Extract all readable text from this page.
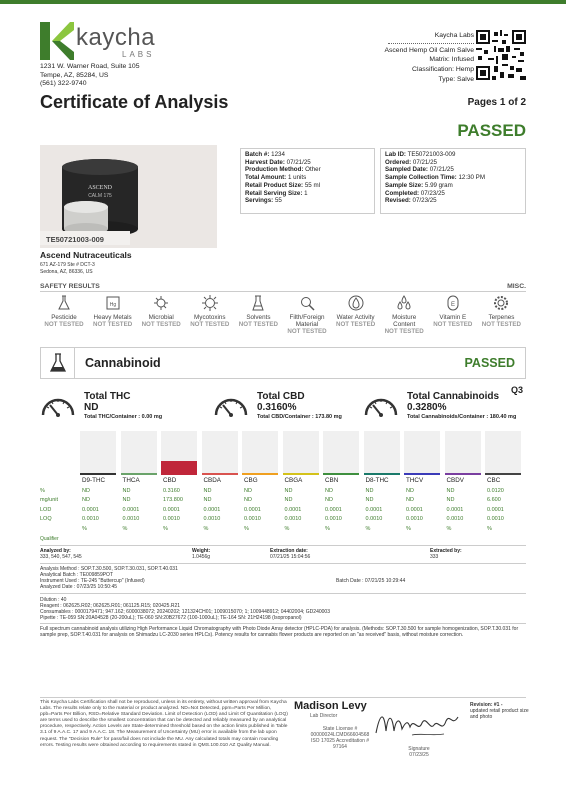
kaycha
LABS
1231 W. Warner Road, Suite 105
Tempe, AZ, 85284, US
(561) 322-9740
Kaycha Labs
Ascend Hemp Oil Calm Salve
Matrix: Infused
Classification: Hemp
Type: Salve
Certificate of Analysis	Pages 1 of 2
PASSED
ASCEND
CALM 175
TE50721003-009
Ascend Nutraceuticals
671 AZ-179 Ste # DCT-3
Sedona, AZ, 86336, US
Batch #: 1234
Harvest Date: 07/21/25
Production Method: Other
Total Amount: 1 units
Retail Product Size: 55 ml
Retail Serving Size: 1
Servings: 55
Lab ID: TE50721003-009
Ordered: 07/21/25
Sampled Date: 07/21/25
Sample Collection Time: 12:30 PM
Sample Size: 5.99 gram
Completed: 07/23/25
Revised: 07/23/25
SAFETY RESULTS	MISC.
Pesticide
NOT TESTED
Hg
Heavy Metals
NOT TESTED
Microbial
NOT TESTED
Mycotoxins
NOT TESTED
Solvents
NOT TESTED
Filth/Foreign
Material
NOT TESTED
Water Activity
NOT TESTED
Moisture
Content
NOT TESTED
E
Vitamin E
NOT TESTED
Terpenes
NOT TESTED
Cannabinoid	PASSED
Total THC
ND
Total THC/Container : 0.00 mg
Total CBD
0.3160%
Total CBD/Container : 173.80 mg
Total Cannabinoids
0.3280%
Total Cannabinoids/Container : 180.40 mg
Q3
D9-THC	THCA	CBD	CBDA	CBG	CBGA	CBN	D8-THC	THCV	CBDV	CBC
%	ND	ND	0.3160	ND	ND	ND	ND	ND	ND	ND	0.0120
mg/unit	ND	ND	173.800	ND	ND	ND	ND	ND	ND	ND	6.600
LOD	0.0001	0.0001	0.0001	0.0001	0.0001	0.0001	0.0001	0.0001	0.0001	0.0001	0.0001
LOQ	0.0010	0.0010	0.0010	0.0010	0.0010	0.0010	0.0010	0.0010	0.0010	0.0010	0.0010
%	%	%	%	%	%	%	%	%	%	%
Qualifier
Analyzed by:
333, 540, 547, 545
Weight:
1.0456g
Extraction date:
07/21/25 15:04:56
Extracted by:
333
Analysis Method : SOP.T.30.500, SOP.T.30.031, SOP.T.40.031
Analytical Batch : TE009859POT
Instrument Used : TE-245 "Buttercup" (Infused)	Batch Date : 07/21/25 10:29:44
Analyzed Date : 07/23/25 10:50:45
Dilution : 40
Reagent : 062625.R02; 062625.R01; 061125.R15; 020425.R21
Consumables : 0000179471; 947.162; 6000038072; 20240202; 121324CH01; 1009015070; 1; 1009448912; 04402004; GD240003
Pipette : TE-059 SN:20A04528 (20-200uL); TE-060 SN:20B27672 (100-1000uL); TE-164 SN: 21H24198 (Isopropanol)
Full spectrum cannabinoid analysis utilizing High Performance Liquid Chromatography with Photo Diode Array detector (HPLC-PDA) for analysis. (Methods: SOP.T.30.500 for sample homogenization, SOP.T.30.031 for sample prep, SOP.T.40.031 for analysis on Shimadzu LC-2030 series HPLCs). Potency results for cannabis flower products are reported on an "as received" basis, without moisture correction.
This Kaycha Labs Certification shall not be reproduced, unless in its entirety, without written approval from Kaycha Labs. The results relate only to the material or product analyzed. ND=Not Detected, ppm=Parts Per Million, ppb=Parts Per Billion, RSD=Relative Standard Deviation. Limit of Detection (LOD) and Limit Of Quantitation (LOQ) are terms used to describe the smallest concentration that can be detected and reliably measured by an analytical procedure, respectively. Action Levels are State-determined threshold based on the action limits published in Table 3.1 of 9 A.A.C. 17 and 9 A.A.C. 18. The Measurement of Uncertainty (MU) error is available from the lab upon request. The "Decision Rule" for pass/fail does not include the MU. Any calculated totals may contain rounding errors. Testing results were obtained according to requirements stated in QMS.100.010 AZ Quality Manual.
Madison Levy
Lab Director
State License #
00000024LCMD66604568
ISO 17025 Accreditation #
97164	Signature
07/23/25
Revision: #1 -
updated retail product size and photo
